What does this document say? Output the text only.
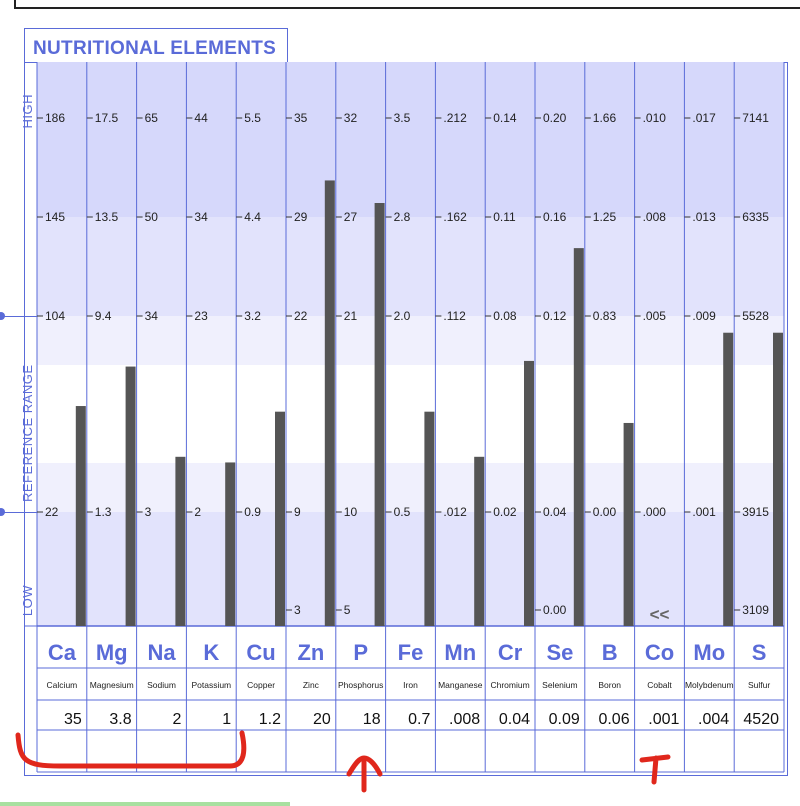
NUTRITIONAL ELEMENTS
HIGH
REFERENCE RANGE
LOW
186
145
104
22
Ca
Calcium
35
17.5
13.5
9.4
1.3
Mg
Magnesium
3.8
65
50
34
3
Na
Sodium
2
44
34
23
2
K
Potassium
1
5.5
4.4
3.2
0.9
Cu
Copper
1.2
35
29
22
9
3
Zn
Zinc
20
32
27
21
10
5
P
Phosphorus
18
3.5
2.8
2.0
0.5
Fe
Iron
0.7
.212
.162
.112
.012
Mn
Manganese
.008
0.14
0.11
0.08
0.02
Cr
Chromium
0.04
0.20
0.16
0.12
0.04
0.00
Se
Selenium
0.09
1.66
1.25
0.83
0.00
B
Boron
0.06
.010
.008
.005
.000
<<
Co
Cobalt
.001
.017
.013
.009
.001
Mo
Molybdenum
.004
7141
6335
5528
3915
3109
S
Sulfur
4520
